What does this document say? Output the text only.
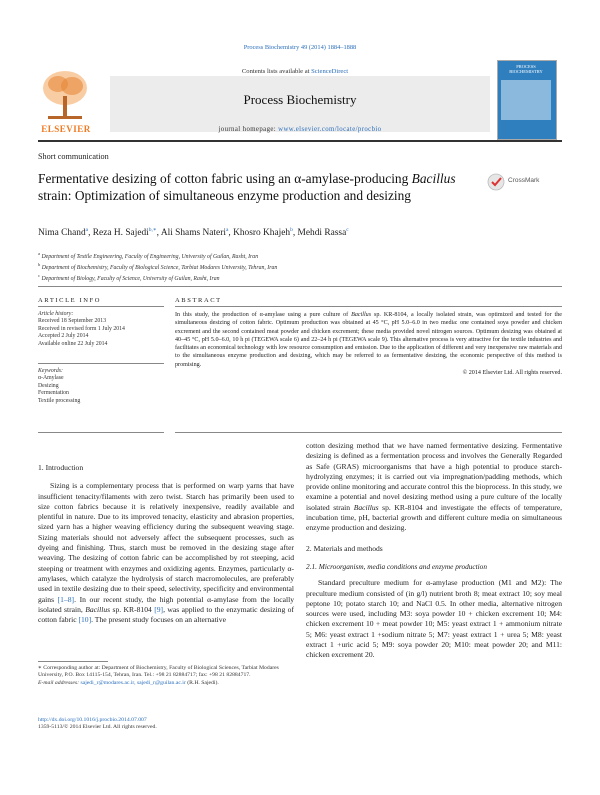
Process Biochemistry 49 (2014) 1884–1888
Contents lists available at ScienceDirect
Process Biochemistry
journal homepage: www.elsevier.com/locate/procbio
ELSEVIER
PROCESS BIOCHEMISTRY
Short communication
Fermentative desizing of cotton fabric using an α-amylase-producing Bacillus strain: Optimization of simultaneous enzyme production and desizing
CrossMark
Nima Chand$^a$, Reza H. Sajedi$^{b,∗}$, Ali Shams Nateri$^a$, Khosro Khajeh$^b$, Mehdi Rassa$^c$
$^a$ Department of Textile Engineering, Faculty of Engineering, University of Guilan, Rasht, Iran
$^b$ Department of Biochemistry, Faculty of Biological Science, Tarbiat Modares University, Tehran, Iran
$^c$ Department of Biology, Faculty of Science, University of Guilan, Rasht, Iran
ARTICLE INFO	ABSTRACT
Article history:
Received 18 September 2013
Received in revised form 1 July 2014
Accepted 2 July 2014
Available online 22 July 2014
Keywords:
α-Amylase
Desizing
Fermentation
Textile processing
In this study, the production of α-amylase using a pure culture of Bacillus sp. KR-8104, a locally isolated strain, was optimized and tested for the simultaneous desizing of cotton fabric. Optimum production was obtained at 45 °C, pH 5.0–6.0 in two media: one contained soya powder and chicken excrement and the second contained meat powder and chicken excrement; these media provided novel nitrogen sources. Optimum desizing was obtained at 40–45 °C, pH 5.0–6.0, 10 h pi (TEGEWA scale 6) and 22–24 h pi (TEGEWA scale 9). This alternative process is very attractive for the textile industries and facilitates an economical technology with low resource consumption and emission. Due to the application of different and very inexpensive raw materials and to the simultaneous enzyme production and desizing, which may be referred to as fermentative desizing, the economic perspective of this method is promising.
© 2014 Elsevier Ltd. All rights reserved.
1. Introduction

Sizing is a complementary process that is performed on warp yarns that have insufficient tenacity/filaments with zero twist. Starch has primarily been used to size cotton fabrics because it is relatively inexpensive, readily available and plentiful in nature. Due to its improved tenacity, elasticity and abrasion properties, sized yarn has a higher weaving efficiency during the subsequent weaving stage. Sizing materials should not adversely affect the subsequent processes, such as dyeing and finishing. Thus, starch must be removed in the desizing stage after weaving. The desizing of cotton fabric can be accomplished by rot steeping, acid steeping or treatment with enzymes and oxidizing agents. Enzymes, particularly α-amylases, which catalyze the hydrolysis of starch macromolecules, are preferably used in textile desizing due to their speed, selectivity, specificity and environmental gains [1–8]. In our recent study, the high potential α-amylase from the locally isolated strain, Bacillus sp. KR-8104 [9], was applied to the enzymatic desizing of cotton fabric [10]. The present study focuses on an alternative

cotton desizing method that we have named fermentative desizing. Fermentative desizing is defined as a fermentation process and involves the Generally Regarded as Safe (GRAS) microorganisms that have a high potential to produce starch-hydrolyzing enzymes; it is carried out via impregnation/padding methods, which provide online monitoring and accurate control this the bioprocess. In this study, we examine a potential and novel desizing method using a pure culture of the locally isolated strain Bacillus sp. KR-8104 and investigate the effects of temperature, incubation time, pH, bacterial growth and different culture media on simultaneous enzyme production and desizing.

2. Materials and methods
2.1. Microorganism, media conditions and enzyme production

Standard preculture medium for α-amylase production (M1 and M2): The preculture medium consisted of (in g/l) nutrient broth 8; meat extract 10; soy meal peptone 10; potato starch 10; and NaCl 0.5. In other media, alternative nitrogen sources were used, including M3: soya powder 10 + chicken excrement 10; M4: chicken excrement 10 + meat powder 10; M5: yeast extract 1 + ammonium nitrate 5; M6: yeast extract 1 +sodium nitrate 5; M7: yeast extract 1 + urea 5; M8: yeast extract 1 +uric acid 5; M9: soya powder 20; M10: meat powder 20; and M11: chicken excrement 20.

∗ Corresponding author at: Department of Biochemistry, Faculty of Biological Sciences, Tarbiat Modares University, P.O. Box 14115-154, Tehran, Iran. Tel.: +98 21 82884717; fax: +98 21 82884717.
E-mail addresses: sajedi_r@modares.ac.ir, sajedi_r@guilan.ac.ir (R.H. Sajedi).
http://dx.doi.org/10.1016/j.procbio.2014.07.007
1359-5113/© 2014 Elsevier Ltd. All rights reserved.
